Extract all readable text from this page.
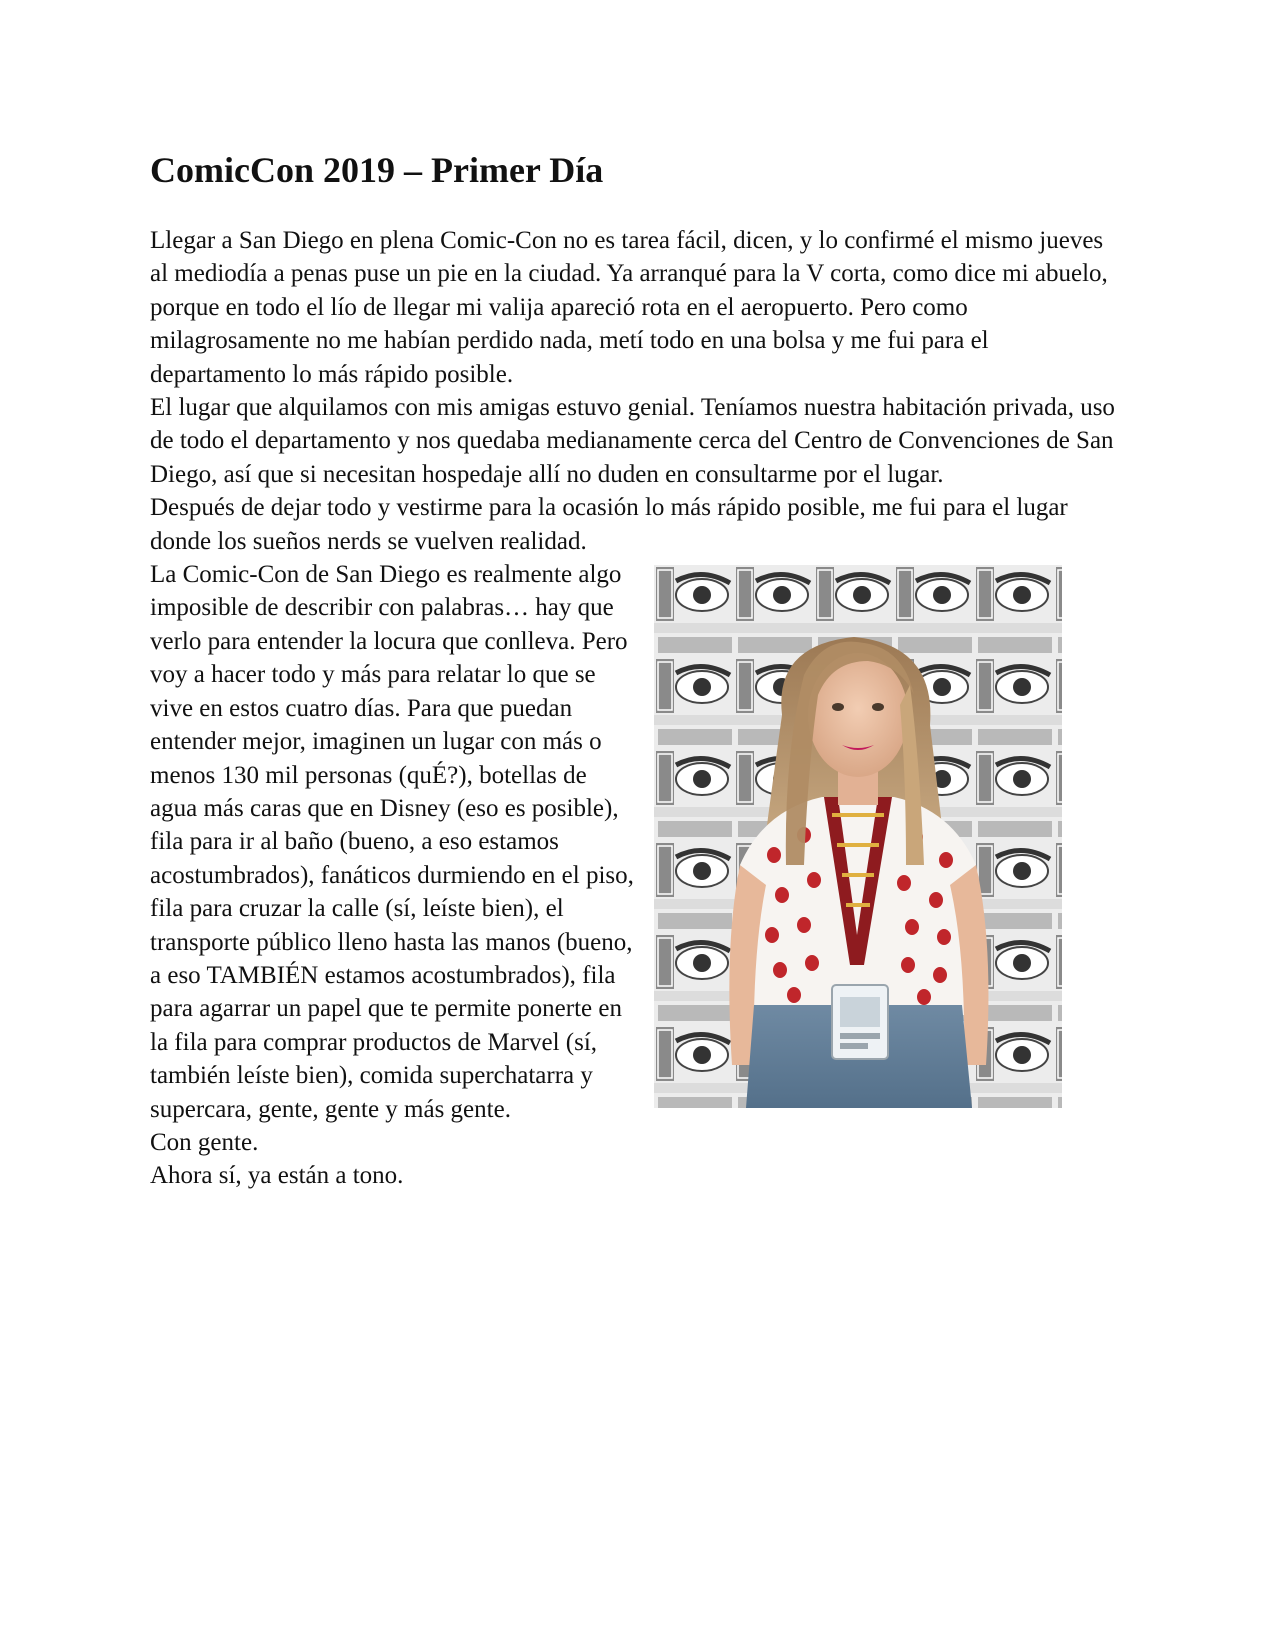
ComicCon 2019 – Primer Día

Llegar a San Diego en plena Comic-Con no es tarea fácil, dicen, y lo confirmé el mismo jueves al mediodía a penas puse un pie en la ciudad. Ya arranqué para la V corta, como dice mi abuelo, porque en todo el lío de llegar mi valija apareció rota en el aeropuerto. Pero como milagrosamente no me habían perdido nada, metí todo en una bolsa y me fui para el departamento lo más rápido posible.

El lugar que alquilamos con mis amigas estuvo genial. Teníamos nuestra habitación privada, uso de todo el departamento y nos quedaba medianamente cerca del Centro de Convenciones de San Diego, así que si necesitan hospedaje allí no duden en consultarme por el lugar.

Después de dejar todo y vestirme para la ocasión lo más rápido posible, me fui para el lugar donde los sueños nerds se vuelven realidad.

La Comic-Con de San Diego es realmente algo imposible de describir con palabras… hay que verlo para entender la locura que conlleva. Pero voy a hacer todo y más para relatar lo que se vive en estos cuatro días. Para que puedan entender mejor, imaginen un lugar con más o menos 130 mil personas (quÉ?), botellas de agua más caras que en Disney (eso es posible), fila para ir al baño (bueno, a eso estamos acostumbrados), fanáticos durmiendo en el piso, fila para cruzar la calle (sí, leíste bien), el transporte público lleno hasta las manos (bueno, a eso TAMBIÉN estamos acostumbrados), fila para agarrar un papel que te permite ponerte en la fila para comprar productos de Marvel (sí, también leíste bien), comida superchatarra y supercara, gente, gente y más gente.

Con gente.

Ahora sí, ya están a tono.
